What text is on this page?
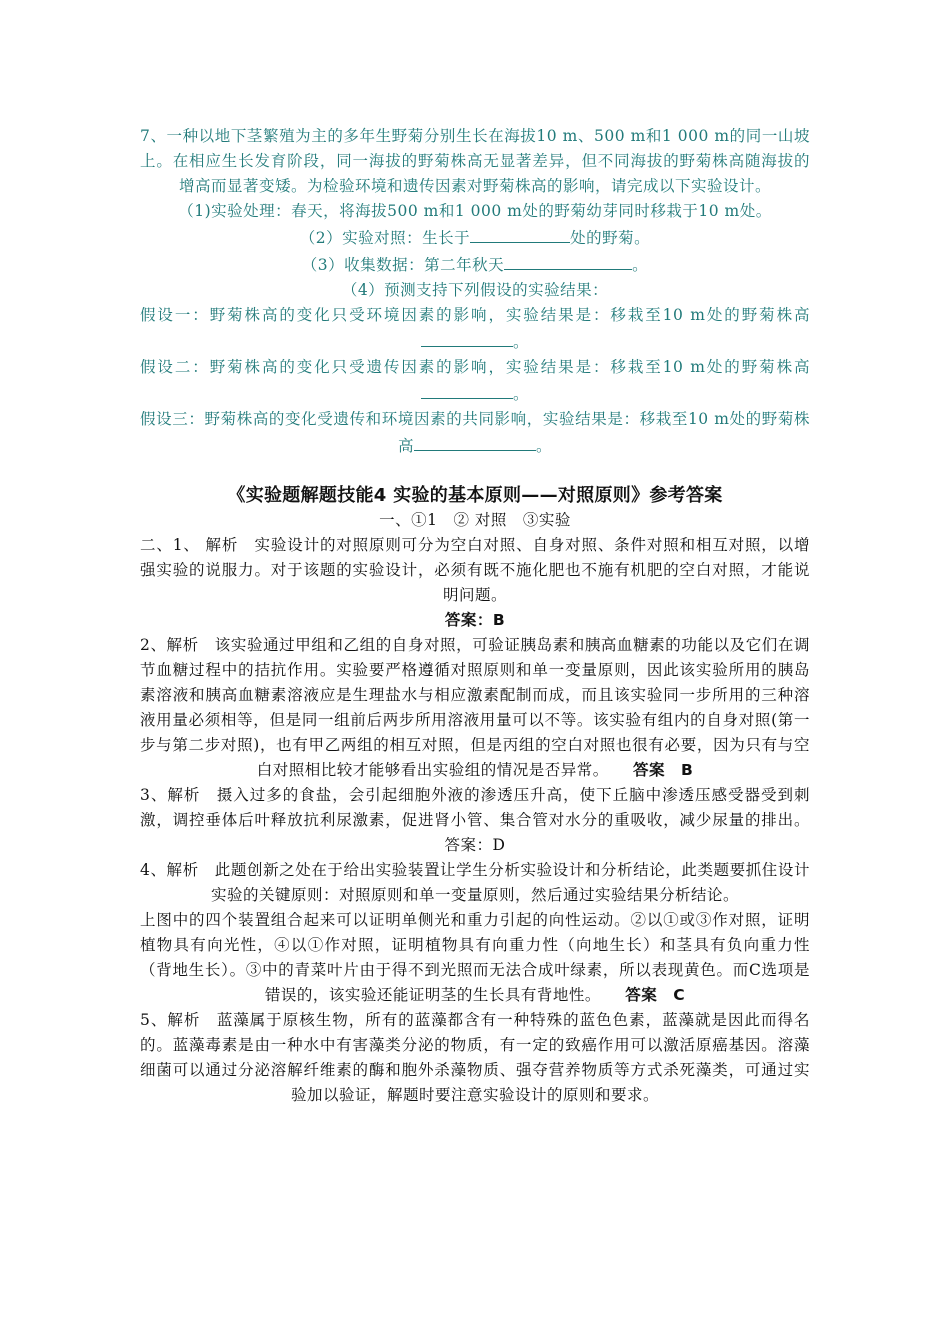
7、一种以地下茎繁殖为主的多年生野菊分别生长在海拔10 m、500 m和1 000 m的同一山坡上。在相应生长发育阶段，同一海拔的野菊株高无显著差异，但不同海拔的野菊株高随海拔的增高而显著变矮。为检验环境和遗传因素对野菊株高的影响，请完成以下实验设计。

（1)实验处理：春天，将海拔500 m和1 000 m处的野菊幼芽同时移栽于10 m处。

（2）实验对照：生长于	处的野菊。

（3）收集数据：第二年秋天	。

（4）预测支持下列假设的实验结果：

假设一：野菊株高的变化只受环境因素的影响，实验结果是：移栽至10 m处的野菊株高。

假设二：野菊株高的变化只受遗传因素的影响，实验结果是：移栽至10 m处的野菊株高。

假设三：野菊株高的变化受遗传和环境因素的共同影响，实验结果是：移栽至10 m处的野菊株高	。

《实验题解题技能4 实验的基本原则——对照原则》参考答案

一、①1　② 对照　③实验

二、1、 解析　实验设计的对照原则可分为空白对照、自身对照、条件对照和相互对照，以增强实验的说服力。对于该题的实验设计，必须有既不施化肥也不施有机肥的空白对照，才能说明问题。

答案：B

2、解析　该实验通过甲组和乙组的自身对照，可验证胰岛素和胰高血糖素的功能以及它们在调节血糖过程中的拮抗作用。实验要严格遵循对照原则和单一变量原则，因此该实验所用的胰岛素溶液和胰高血糖素溶液应是生理盐水与相应激素配制而成，而且该实验同一步所用的三种溶液用量必须相等，但是同一组前后两步所用溶液用量可以不等。该实验有组内的自身对照(第一步与第二步对照)，也有甲乙两组的相互对照，但是丙组的空白对照也很有必要，因为只有与空白对照相比较才能够看出实验组的情况是否异常。　　 答案　B

3、解析　摄入过多的食盐，会引起细胞外液的渗透压升高，使下丘脑中渗透压感受器受到刺激，调控垂体后叶释放抗利尿激素，促进肾小管、集合管对水分的重吸收，减少尿量的排出。答案：D

4、解析　此题创新之处在于给出实验装置让学生分析实验设计和分析结论，此类题要抓住设计实验的关键原则：对照原则和单一变量原则，然后通过实验结果分析结论。

上图中的四个装置组合起来可以证明单侧光和重力引起的向性运动。②以①或③作对照，证明植物具有向光性，④以①作对照，证明植物具有向重力性（向地生长）和茎具有负向重力性（背地生长）。③中的青菜叶片由于得不到光照而无法合成叶绿素，所以表现黄色。而C选项是错误的，该实验还能证明茎的生长具有背地性。　　 答案　C

5、解析　蓝藻属于原核生物，所有的蓝藻都含有一种特殊的蓝色色素，蓝藻就是因此而得名的。蓝藻毒素是由一种水中有害藻类分泌的物质，有一定的致癌作用可以激活原癌基因。溶藻细菌可以通过分泌溶解纤维素的酶和胞外杀藻物质、强夺营养物质等方式杀死藻类，可通过实验加以验证，解题时要注意实验设计的原则和要求。
